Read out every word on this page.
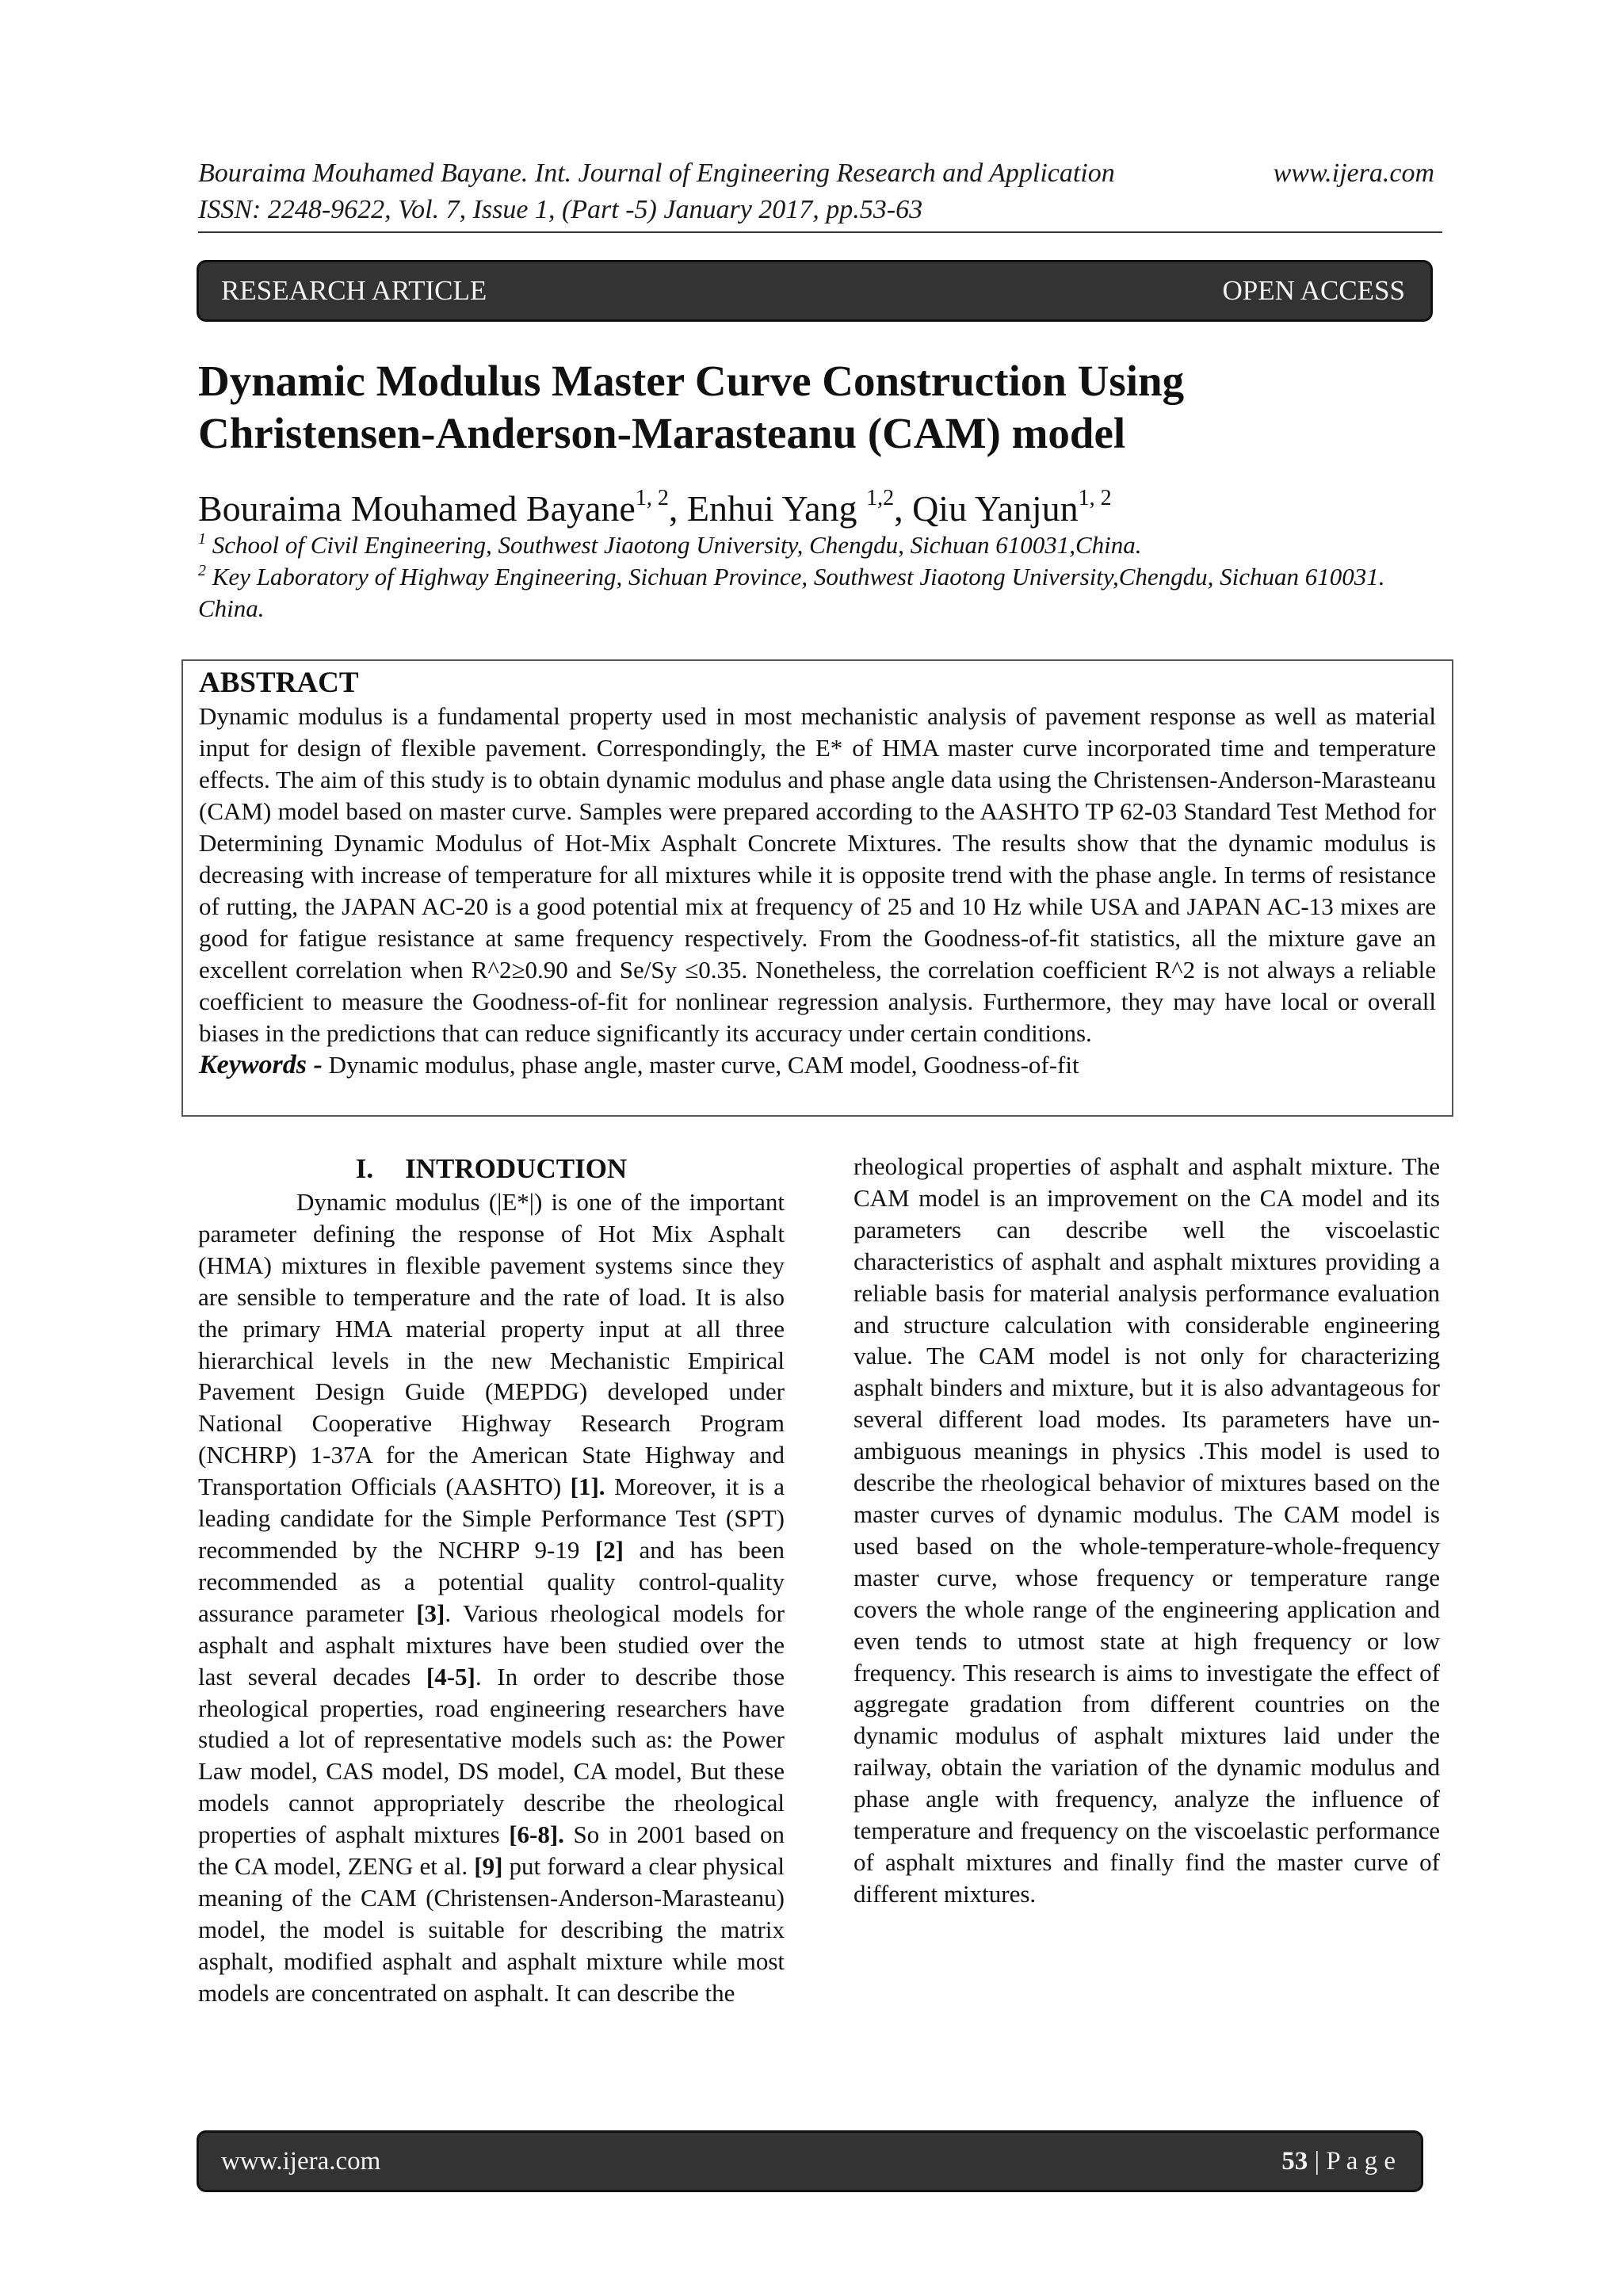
Bouraima Mouhamed Bayane. Int. Journal of Engineering Research and Application	www.ijera.com
ISSN: 2248-9622, Vol. 7, Issue 1, (Part -5) January 2017, pp.53-63
RESEARCH ARTICLE	OPEN ACCESS
Dynamic Modulus Master Curve Construction Using
Christensen-Anderson-Marasteanu (CAM) model
Bouraima Mouhamed Bayane$^{1, 2}$, Enhui Yang $^{1,2}$, Qiu Yanjun$^{1, 2}$
$^1$ School of Civil Engineering, Southwest Jiaotong University, Chengdu, Sichuan 610031,China.
$^2$ Key Laboratory of Highway Engineering, Sichuan Province, Southwest Jiaotong University,Chengdu, Sichuan 610031. China.
ABSTRACT

Dynamic modulus is a fundamental property used in most mechanistic analysis of pavement response as well as material input for design of flexible pavement. Correspondingly, the E* of HMA master curve incorporated time and temperature effects. The aim of this study is to obtain dynamic modulus and phase angle data using the Christensen-Anderson-Marasteanu (CAM) model based on master curve. Samples were prepared according to the AASHTO TP 62-03 Standard Test Method for Determining Dynamic Modulus of Hot-Mix Asphalt Concrete Mixtures. The results show that the dynamic modulus is decreasing with increase of temperature for all mixtures while it is opposite trend with the phase angle. In terms of resistance of rutting, the JAPAN AC-20 is a good potential mix at frequency of 25 and 10 Hz while USA and JAPAN AC-13 mixes are good for fatigue resistance at same frequency respectively. From the Goodness-of-fit statistics, all the mixture gave an excellent correlation when R^2≥0.90 and Se/Sy ≤0.35. Nonetheless, the correlation coefficient R^2 is not always a reliable coefficient to measure the Goodness-of-fit for nonlinear regression analysis. Furthermore, they may have local or overall biases in the predictions that can reduce significantly its accuracy under certain conditions.

Keywords - Dynamic modulus, phase angle, master curve, CAM model, Goodness-of-fit
I. INTRODUCTION

Dynamic modulus (|E*|) is one of the important parameter defining the response of Hot Mix Asphalt (HMA) mixtures in flexible pavement systems since they are sensible to temperature and the rate of load. It is also the primary HMA material property input at all three hierarchical levels in the new Mechanistic Empirical Pavement Design Guide (MEPDG) developed under National Cooperative Highway Research Program (NCHRP) 1-37A for the American State Highway and Transportation Officials (AASHTO) [1]. Moreover, it is a leading candidate for the Simple Performance Test (SPT) recommended by the NCHRP 9-19 [2] and has been recommended as a potential quality control-quality assurance parameter [3]. Various rheological models for asphalt and asphalt mixtures have been studied over the last several decades [4-5]. In order to describe those rheological properties, road engineering researchers have studied a lot of representative models such as: the Power Law model, CAS model, DS model, CA model, But these models cannot appropriately describe the rheological properties of asphalt mixtures [6-8]. So in 2001 based on the CA model, ZENG et al. [9] put forward a clear physical meaning of the CAM (Christensen-Anderson-Marasteanu) model, the model is suitable for describing the matrix asphalt, modified asphalt and asphalt mixture while most models are concentrated on asphalt. It can describe the

rheological properties of asphalt and asphalt mixture. The CAM model is an improvement on the CA model and its parameters can describe well the viscoelastic characteristics of asphalt and asphalt mixtures providing a reliable basis for material analysis performance evaluation and structure calculation with considerable engineering value. The CAM model is not only for characterizing asphalt binders and mixture, but it is also advantageous for several different load modes. Its parameters have un-ambiguous meanings in physics .This model is used to describe the rheological behavior of mixtures based on the master curves of dynamic modulus. The CAM model is used based on the whole-temperature-whole-frequency master curve, whose frequency or temperature range covers the whole range of the engineering application and even tends to utmost state at high frequency or low frequency. This research is aims to investigate the effect of aggregate gradation from different countries on the dynamic modulus of asphalt mixtures laid under the railway, obtain the variation of the dynamic modulus and phase angle with frequency, analyze the influence of temperature and frequency on the viscoelastic performance of asphalt mixtures and finally find the master curve of different mixtures.

www.ijera.com	53 | P a g e
